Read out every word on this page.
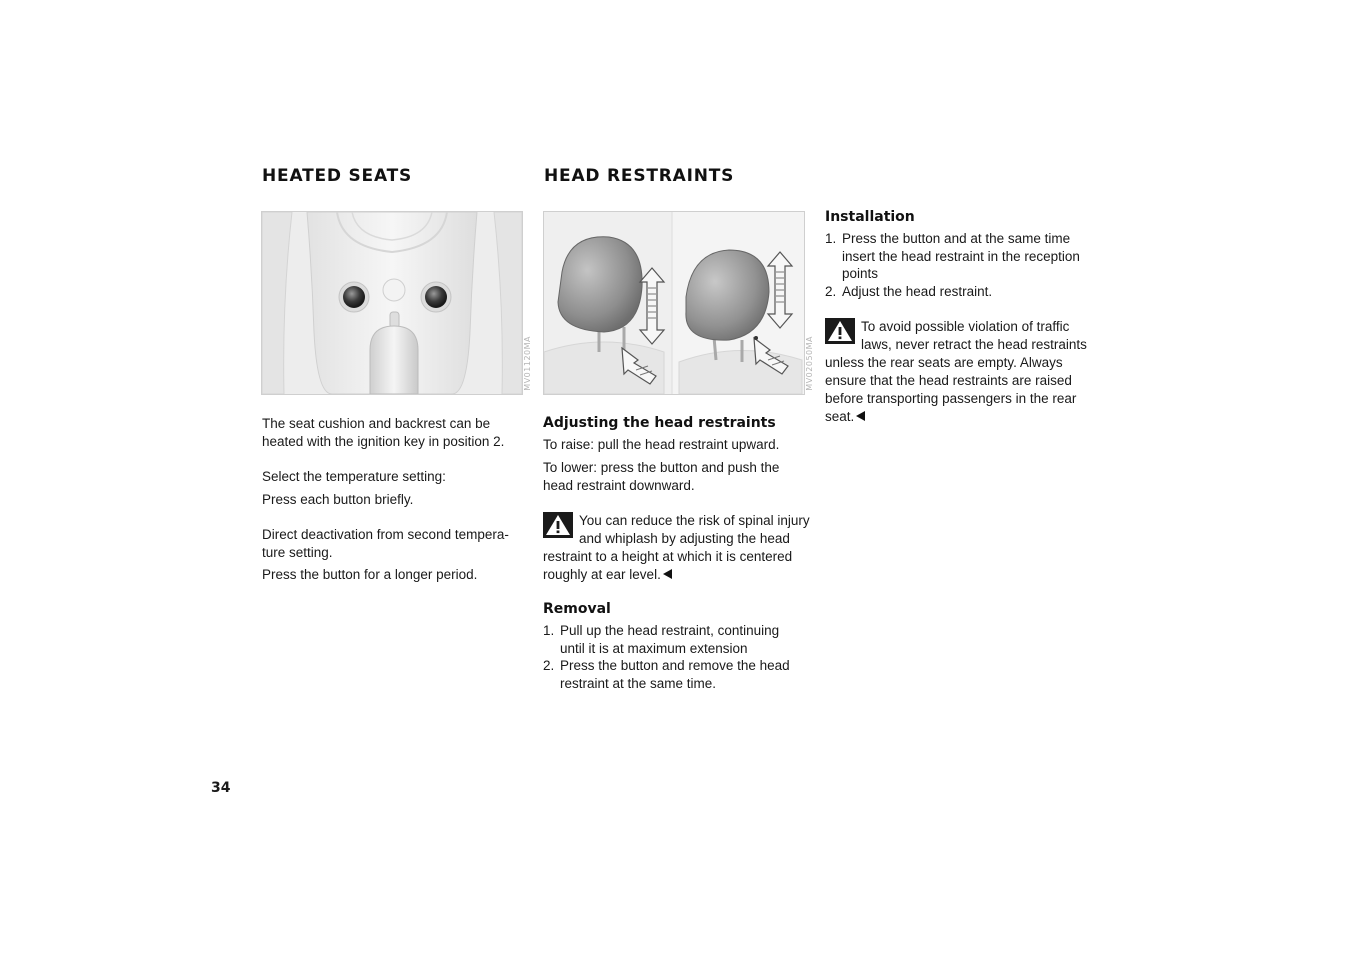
HEATED SEATS
MV01120MA

The seat cushion and backrest can be heated with the ignition key in position 2.

Select the temperature setting:

Press each button briefly.

Direct deactivation from second tempera-ture setting.

Press the button for a longer period.

HEAD RESTRAINTS
MV02050MA
Adjusting the head restraints

To raise: pull the head restraint upward.

To lower: press the button and push the head restraint downward.

You can reduce the risk of spinal injury and whiplash by adjusting the head restraint to a height at which it is centered roughly at ear level.

Removal
1. Pull up the head restraint, continuing until it is at maximum extension
2. Press the button and remove the head restraint at the same time.
Installation
1. Press the button and at the same time insert the head restraint in the reception points
2. Adjust the head restraint.

To avoid possible violation of traffic laws, never retract the head restraints unless the rear seats are empty. Always ensure that the head restraints are raised before transporting passengers in the rear seat.

34
